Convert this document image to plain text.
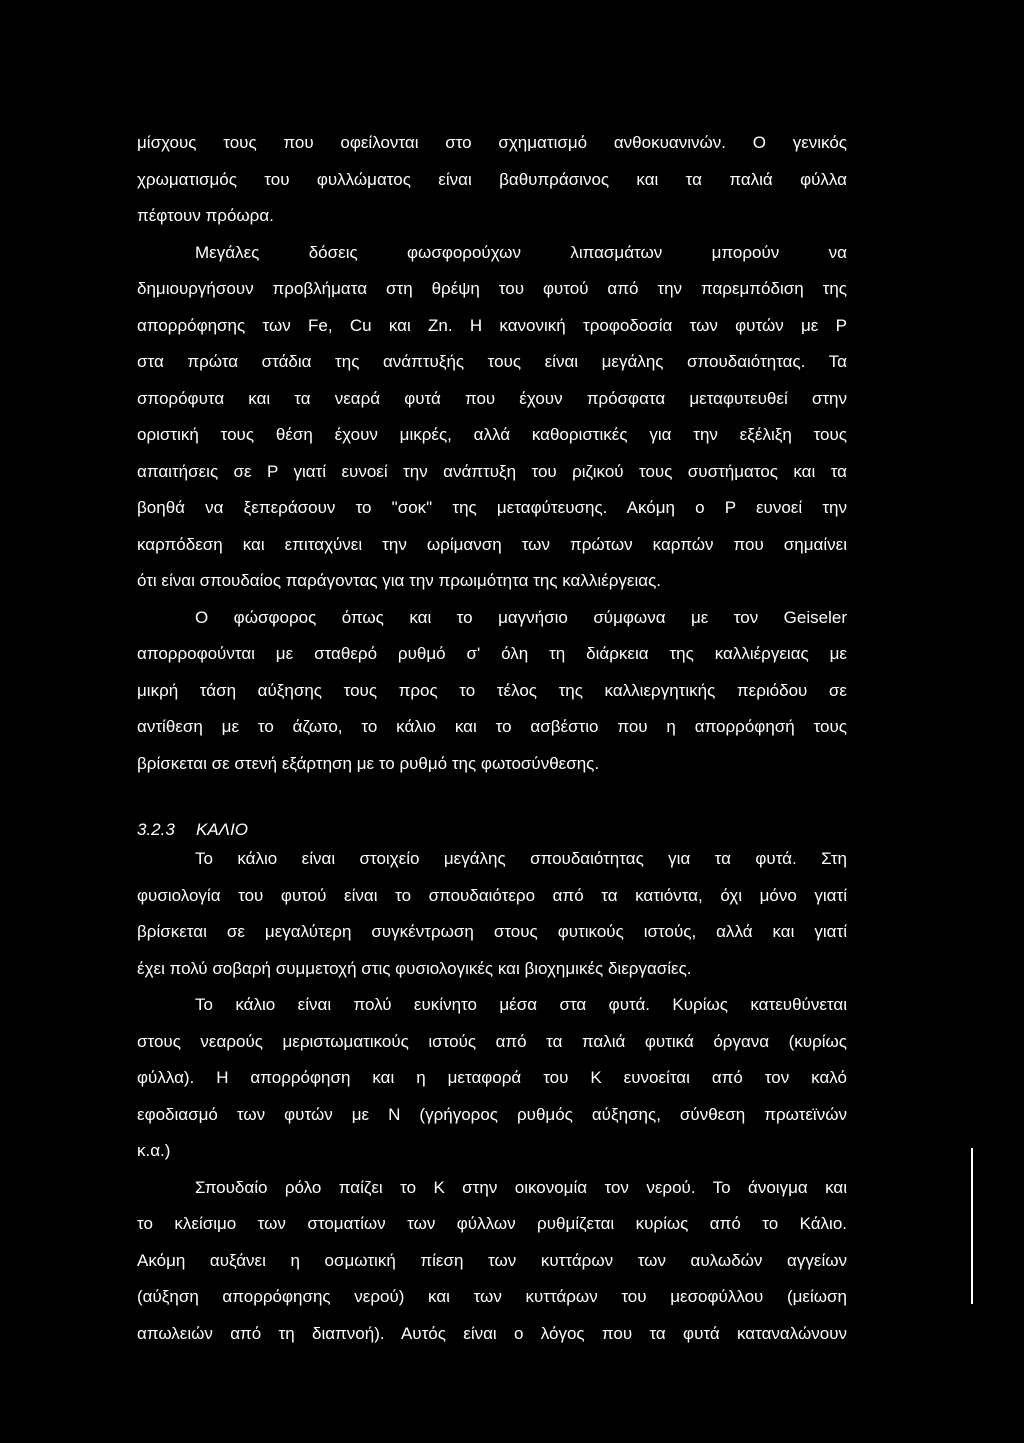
μίσχους τους που οφείλονται στο σχηματισμό ανθοκυανινών. Ο γενικός
χρωματισμός του φυλλώματος είναι βαθυπράσινος και τα παλιά φύλλα
πέφτουν πρόωρα.
Μεγάλες δόσεις φωσφορούχων λιπασμάτων μπορούν να
δημιουργήσουν προβλήματα στη θρέψη του φυτού από την παρεμπόδιση της
απορρόφησης των Fe, Cu και Zn. Η κανονική τροφοδοσία των φυτών με Ρ
στα πρώτα στάδια της ανάπτυξής τους είναι μεγάλης σπουδαιότητας. Τα
σπορόφυτα και τα νεαρά φυτά που έχουν πρόσφατα μεταφυτευθεί στην
οριστική τους θέση έχουν μικρές, αλλά καθοριστικές για την εξέλιξη τους
απαιτήσεις σε Ρ γιατί ευνοεί την ανάπτυξη του ριζικού τους συστήματος και τα
βοηθά να ξεπεράσουν το "σοκ" της μεταφύτευσης. Ακόμη ο Ρ ευνοεί την
καρπόδεση και επιταχύνει την ωρίμανση των πρώτων καρπών που σημαίνει
ότι είναι σπουδαίος παράγοντας για την πρωιμότητα της καλλιέργειας.
Ο φώσφορος όπως και το μαγνήσιο σύμφωνα με τον Geiseler
απορροφούνται με σταθερό ρυθμό σ' όλη τη διάρκεια της καλλιέργειας με
μικρή τάση αύξησης τους προς το τέλος της καλλιεργητικής περιόδου σε
αντίθεση με το άζωτο, το κάλιο και το ασβέστιο που η απορρόφησή τους
βρίσκεται σε στενή εξάρτηση με το ρυθμό της φωτοσύνθεσης.
3.2.3 ΚΑΛΙΟ
Το κάλιο είναι στοιχείο μεγάλης σπουδαιότητας για τα φυτά. Στη
φυσιολογία του φυτού είναι το σπουδαιότερο από τα κατιόντα, όχι μόνο γιατί
βρίσκεται σε μεγαλύτερη συγκέντρωση στους φυτικούς ιστούς, αλλά και γιατί
έχει πολύ σοβαρή συμμετοχή στις φυσιολογικές και βιοχημικές διεργασίες.
Το κάλιο είναι πολύ ευκίνητο μέσα στα φυτά. Κυρίως κατευθύνεται
στους νεαρούς μεριστωματικούς ιστούς από τα παλιά φυτικά όργανα (κυρίως
φύλλα). Η απορρόφηση και η μεταφορά του Κ ευνοείται από τον καλό
εφοδιασμό των φυτών με Ν (γρήγορος ρυθμός αύξησης, σύνθεση πρωτεϊνών
κ.α.)
Σπουδαίο ρόλο παίζει το Κ στην οικονομία τον νερού. Το άνοιγμα και
το κλείσιμο των στοματίων των φύλλων ρυθμίζεται κυρίως από το Κάλιο.
Ακόμη αυξάνει η οσμωτική πίεση των κυττάρων των αυλωδών αγγείων
(αύξηση απορρόφησης νερού) και των κυττάρων του μεσοφύλλου (μείωση
απωλειών από τη διαπνοή). Αυτός είναι ο λόγος που τα φυτά καταναλώνουν
